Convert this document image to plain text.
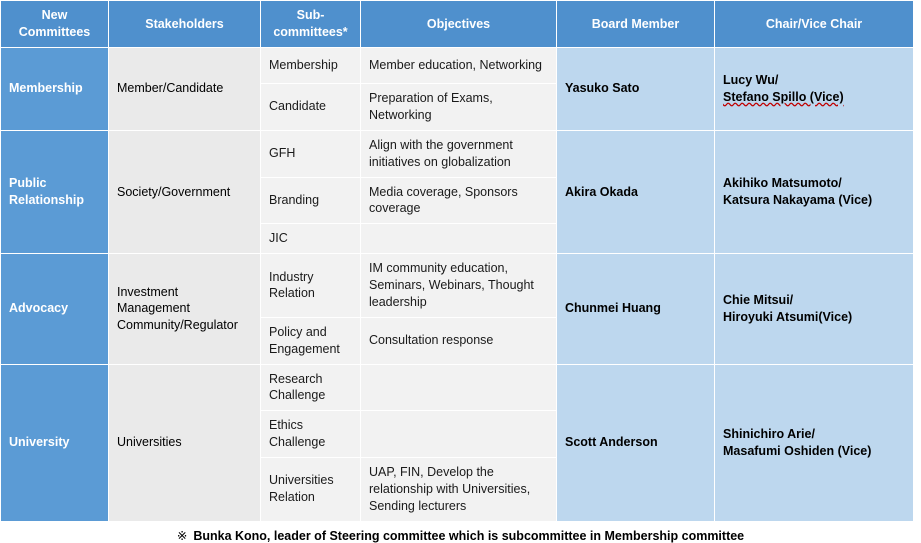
New Committees	Stakeholders	Sub-committees*	Objectives	Board Member	Chair/Vice Chair
Membership	Member/Candidate	Membership	Member education, Networking	Yasuko Sato	Lucy Wu/
Stefano Spillo (Vice)

		Candidate	Preparation of Exams, Networking		
Public Relationship	Society/Government	GFH	Align with the government initiatives on globalization	Akira Okada	Akihiko Matsumoto/
Katsura Nakayama (Vice)

		Branding	Media coverage, Sponsors coverage		
		JIC			
Advocacy	Investment Management Community/Regulator	Industry Relation	IM community education, Seminars, Webinars, Thought leadership	Chunmei Huang	Chie Mitsui/
Hiroyuki Atsumi(Vice)

		Policy and Engagement	Consultation response		
University	Universities	Research Challenge		Scott Anderson	Shinichiro Arie/
Masafumi Oshiden (Vice)

		Ethics Challenge			
		Universities Relation	UAP, FIN, Develop the relationship with Universities, Sending lecturers		
※ Bunka Kono, leader of Steering committee which is subcommittee in Membership committee
